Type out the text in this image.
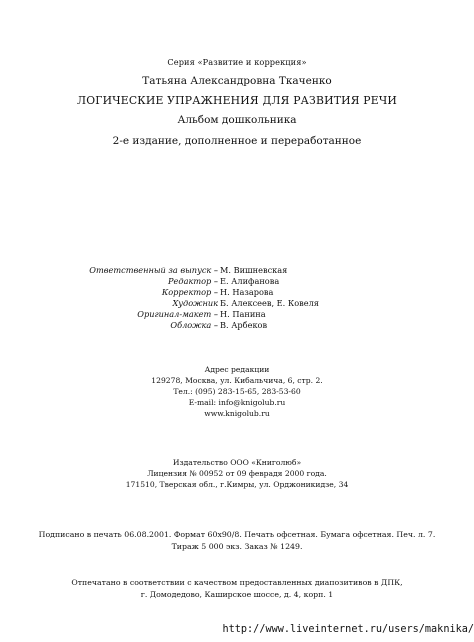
Серия «Развитие и коррекция»
Татьяна Александровна Ткаченко
ЛОГИЧЕСКИЕ УПРАЖНЕНИЯ ДЛЯ РАЗВИТИЯ РЕЧИ
Альбом дошкольника
2-е издание, дополненное и переработанное
Ответственный за выпуск – М. Вишневская
Редактор – Е. Алифанова
Корректор – Н. Назарова
Художник Б. Алексеев, Е. Ковеля
Оригинал-макет – Н. Панина
Обложка – В. Арбеков
Адрес редакции
129278, Москва, ул. Кибальчича, 6, стр. 2.
Тел.: (095) 283-15-65, 283-53-60
E-mail: info@knigolub.ru
www.knigolub.ru
Издательство ООО «Книголюб»
Лицензия № 00952 от 09 феврадя 2000 года.
171510, Тверская обл., г.Кимры, ул. Орджоникидзе, 34
Подписано в печать 06.08.2001. Формат 60х90/8. Печать офсетная. Бумага офсетная. Печ. л. 7.
Тираж 5 000 экз. Заказ № 1249.
Отпечатано в соответствии с качеством предоставленных диапозитивов в ДПК,
г. Домодедово, Каширское шоссе, д. 4, корп. 1
http://www.liveinternet.ru/users/maknika/
